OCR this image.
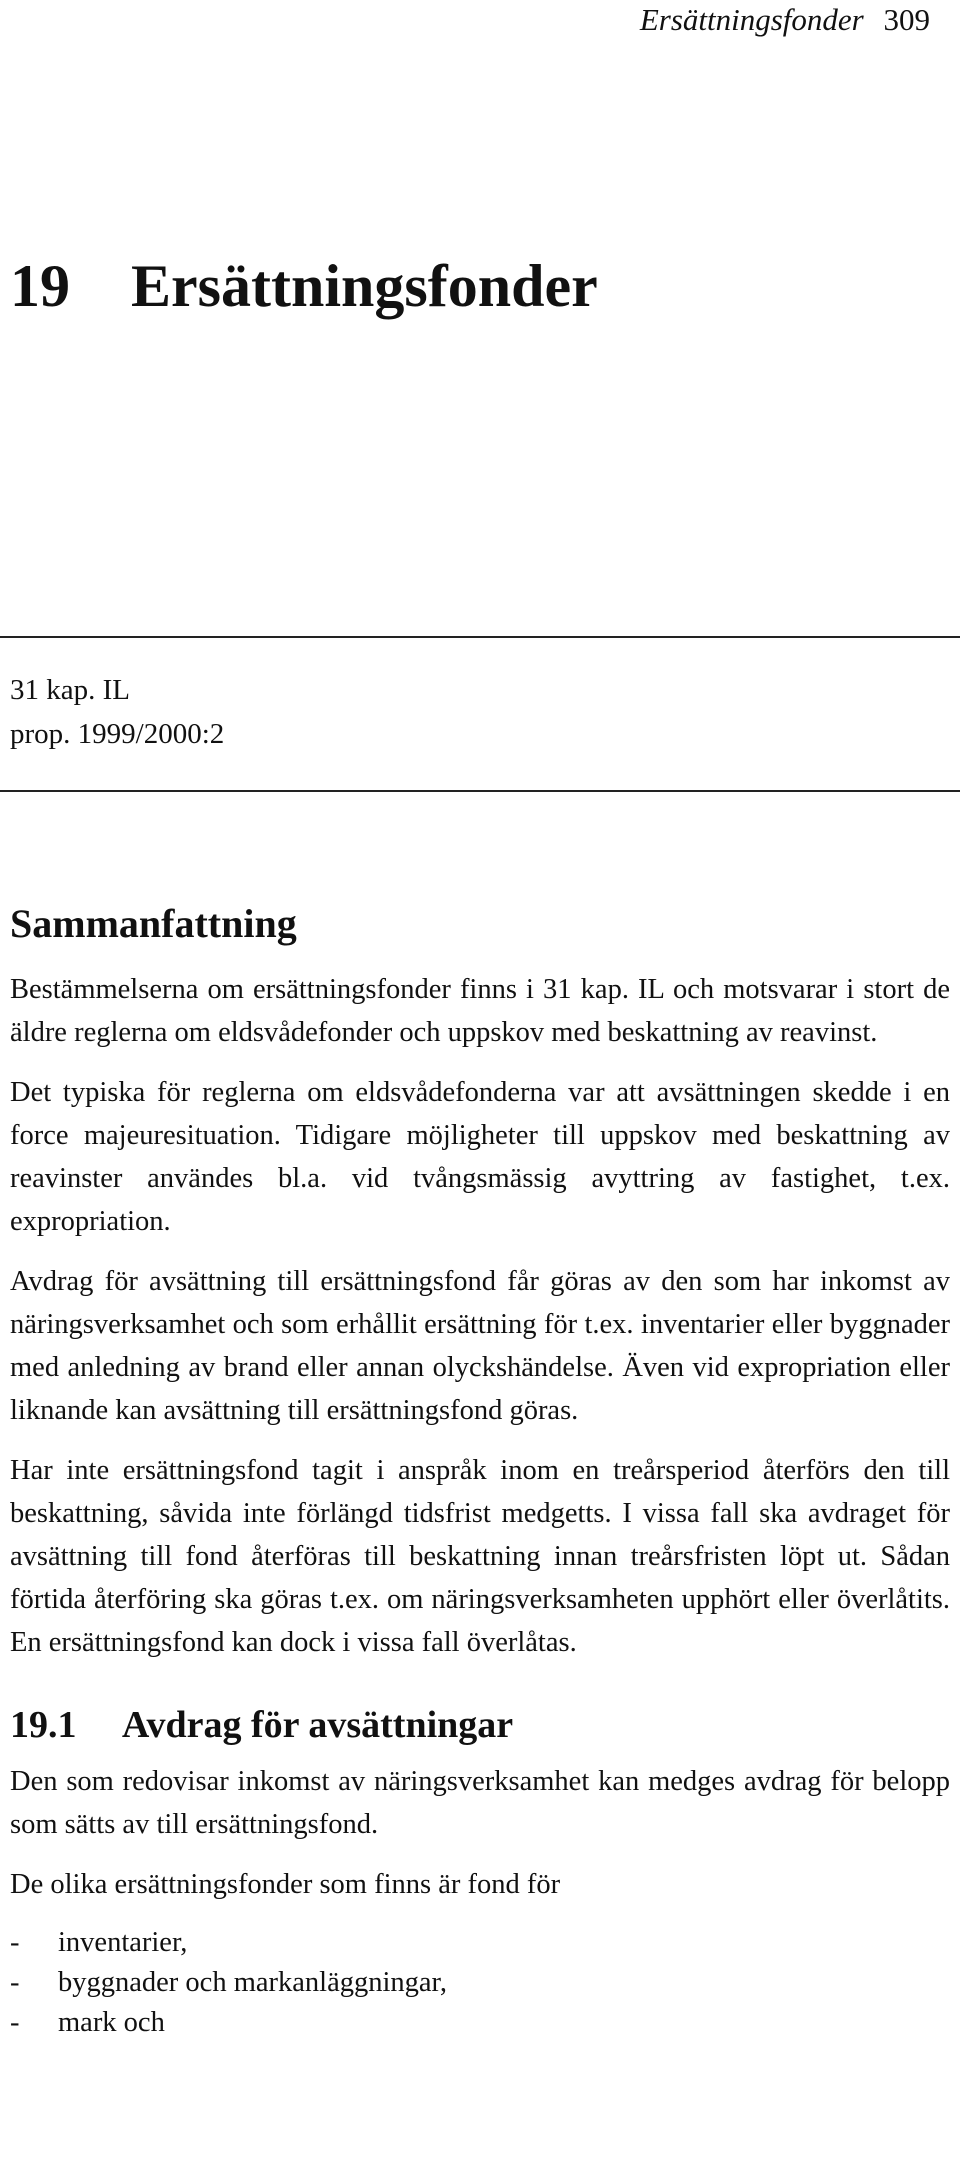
Ersättningsfonder 309
19 Ersättningsfonder
31 kap. IL
prop. 1999/2000:2
Sammanfattning

Bestämmelserna om ersättningsfonder finns i 31 kap. IL och motsvarar i stort de äldre reglerna om eldsvådefonder och uppskov med beskattning av reavinst.

Det typiska för reglerna om eldsvådefonderna var att avsättningen skedde i en force majeuresituation. Tidigare möjligheter till uppskov med beskattning av reavinster användes bl.a. vid tvångsmässig avyttring av fastighet, t.ex. expropriation.

Avdrag för avsättning till ersättningsfond får göras av den som har inkomst av näringsverksamhet och som erhållit ersättning för t.ex. inventarier eller byggnader med anledning av brand eller annan olyckshändelse. Även vid expropriation eller liknande kan avsättning till ersättningsfond göras.

Har inte ersättningsfond tagit i anspråk inom en treårsperiod återförs den till beskattning, såvida inte förlängd tidsfrist medgetts. I vissa fall ska avdraget för avsättning till fond återföras till beskattning innan treårsfristen löpt ut. Sådan förtida återföring ska göras t.ex. om näringsverksamheten upphört eller överlåtits. En ersättningsfond kan dock i vissa fall överlåtas.

19.1 Avdrag för avsättningar

Den som redovisar inkomst av näringsverksamhet kan medges avdrag för belopp som sätts av till ersättningsfond.

De olika ersättningsfonder som finns är fond för

- inventarier,
- byggnader och markanläggningar,
- mark och
